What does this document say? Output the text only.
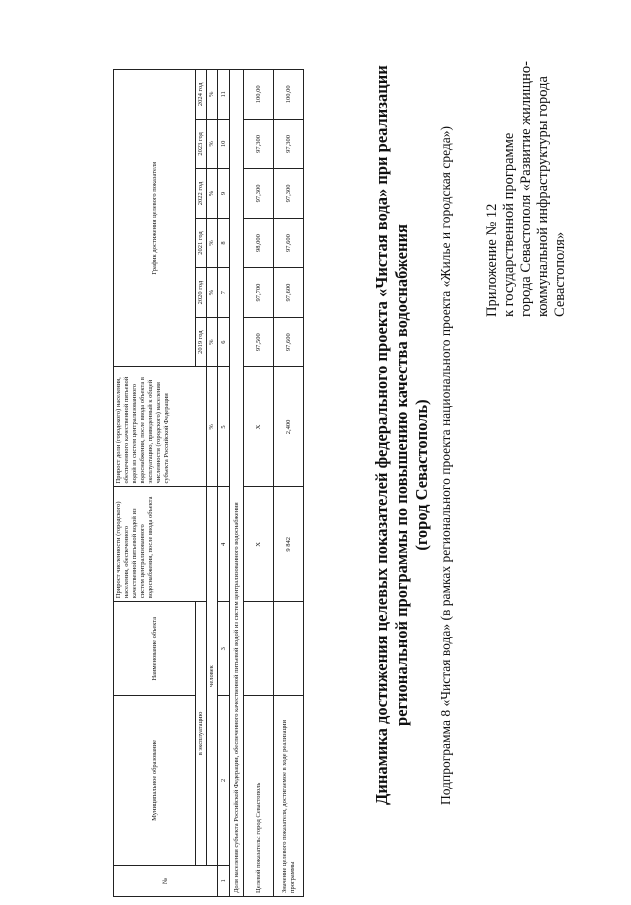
Приложение № 12 к государственной программе города Севастополя «Развитие жилищно- коммунальной инфраструктуры города Севастополя»
Динамика достижения целевых показателей федерального проекта «Чистая вода» при реализации региональной программы по повышению качества водоснабжения (город Севастополь) Подпрограмма 8 «Чистая вода» (в рамках регионального проекта национального проекта «Жилье и городская среда»)
№	Муниципальное образование	Наименование объекта	Прирост численности (городского) населения, обеспеченного качественной питьевой водой из систем централизованного водоснабжения, после ввода объекта	Прирост доли (городского) населения, обеспеченного качественной питьевой водой из систем централизованного водоснабжения, после ввода объекта в эксплуатацию, приведенный к общей численности (городского) населения субъекта Российской Федерации	График достижения целевого показателя					
	в эксплуатацию				2019 год	2020 год	2021 год	2022 год	2023 год	2024 год
	человек			%	%	%	%	%	%	%
1	2	3	4	5	6	7	8	9	10	11
Доля населения субъекта Российской Федерации, обеспеченного качественной питьевой водой из систем централизованного водоснабжения										
Целевой показатель: город Севастополь			Х	Х	97,500	97,700	98,000	97,300	97,300	100,00
Значение целевого показателя, достигаемое в ходе реализации программы			9 842	2,400	97,600	97,600	97,600	97,300	97,300	100,00
